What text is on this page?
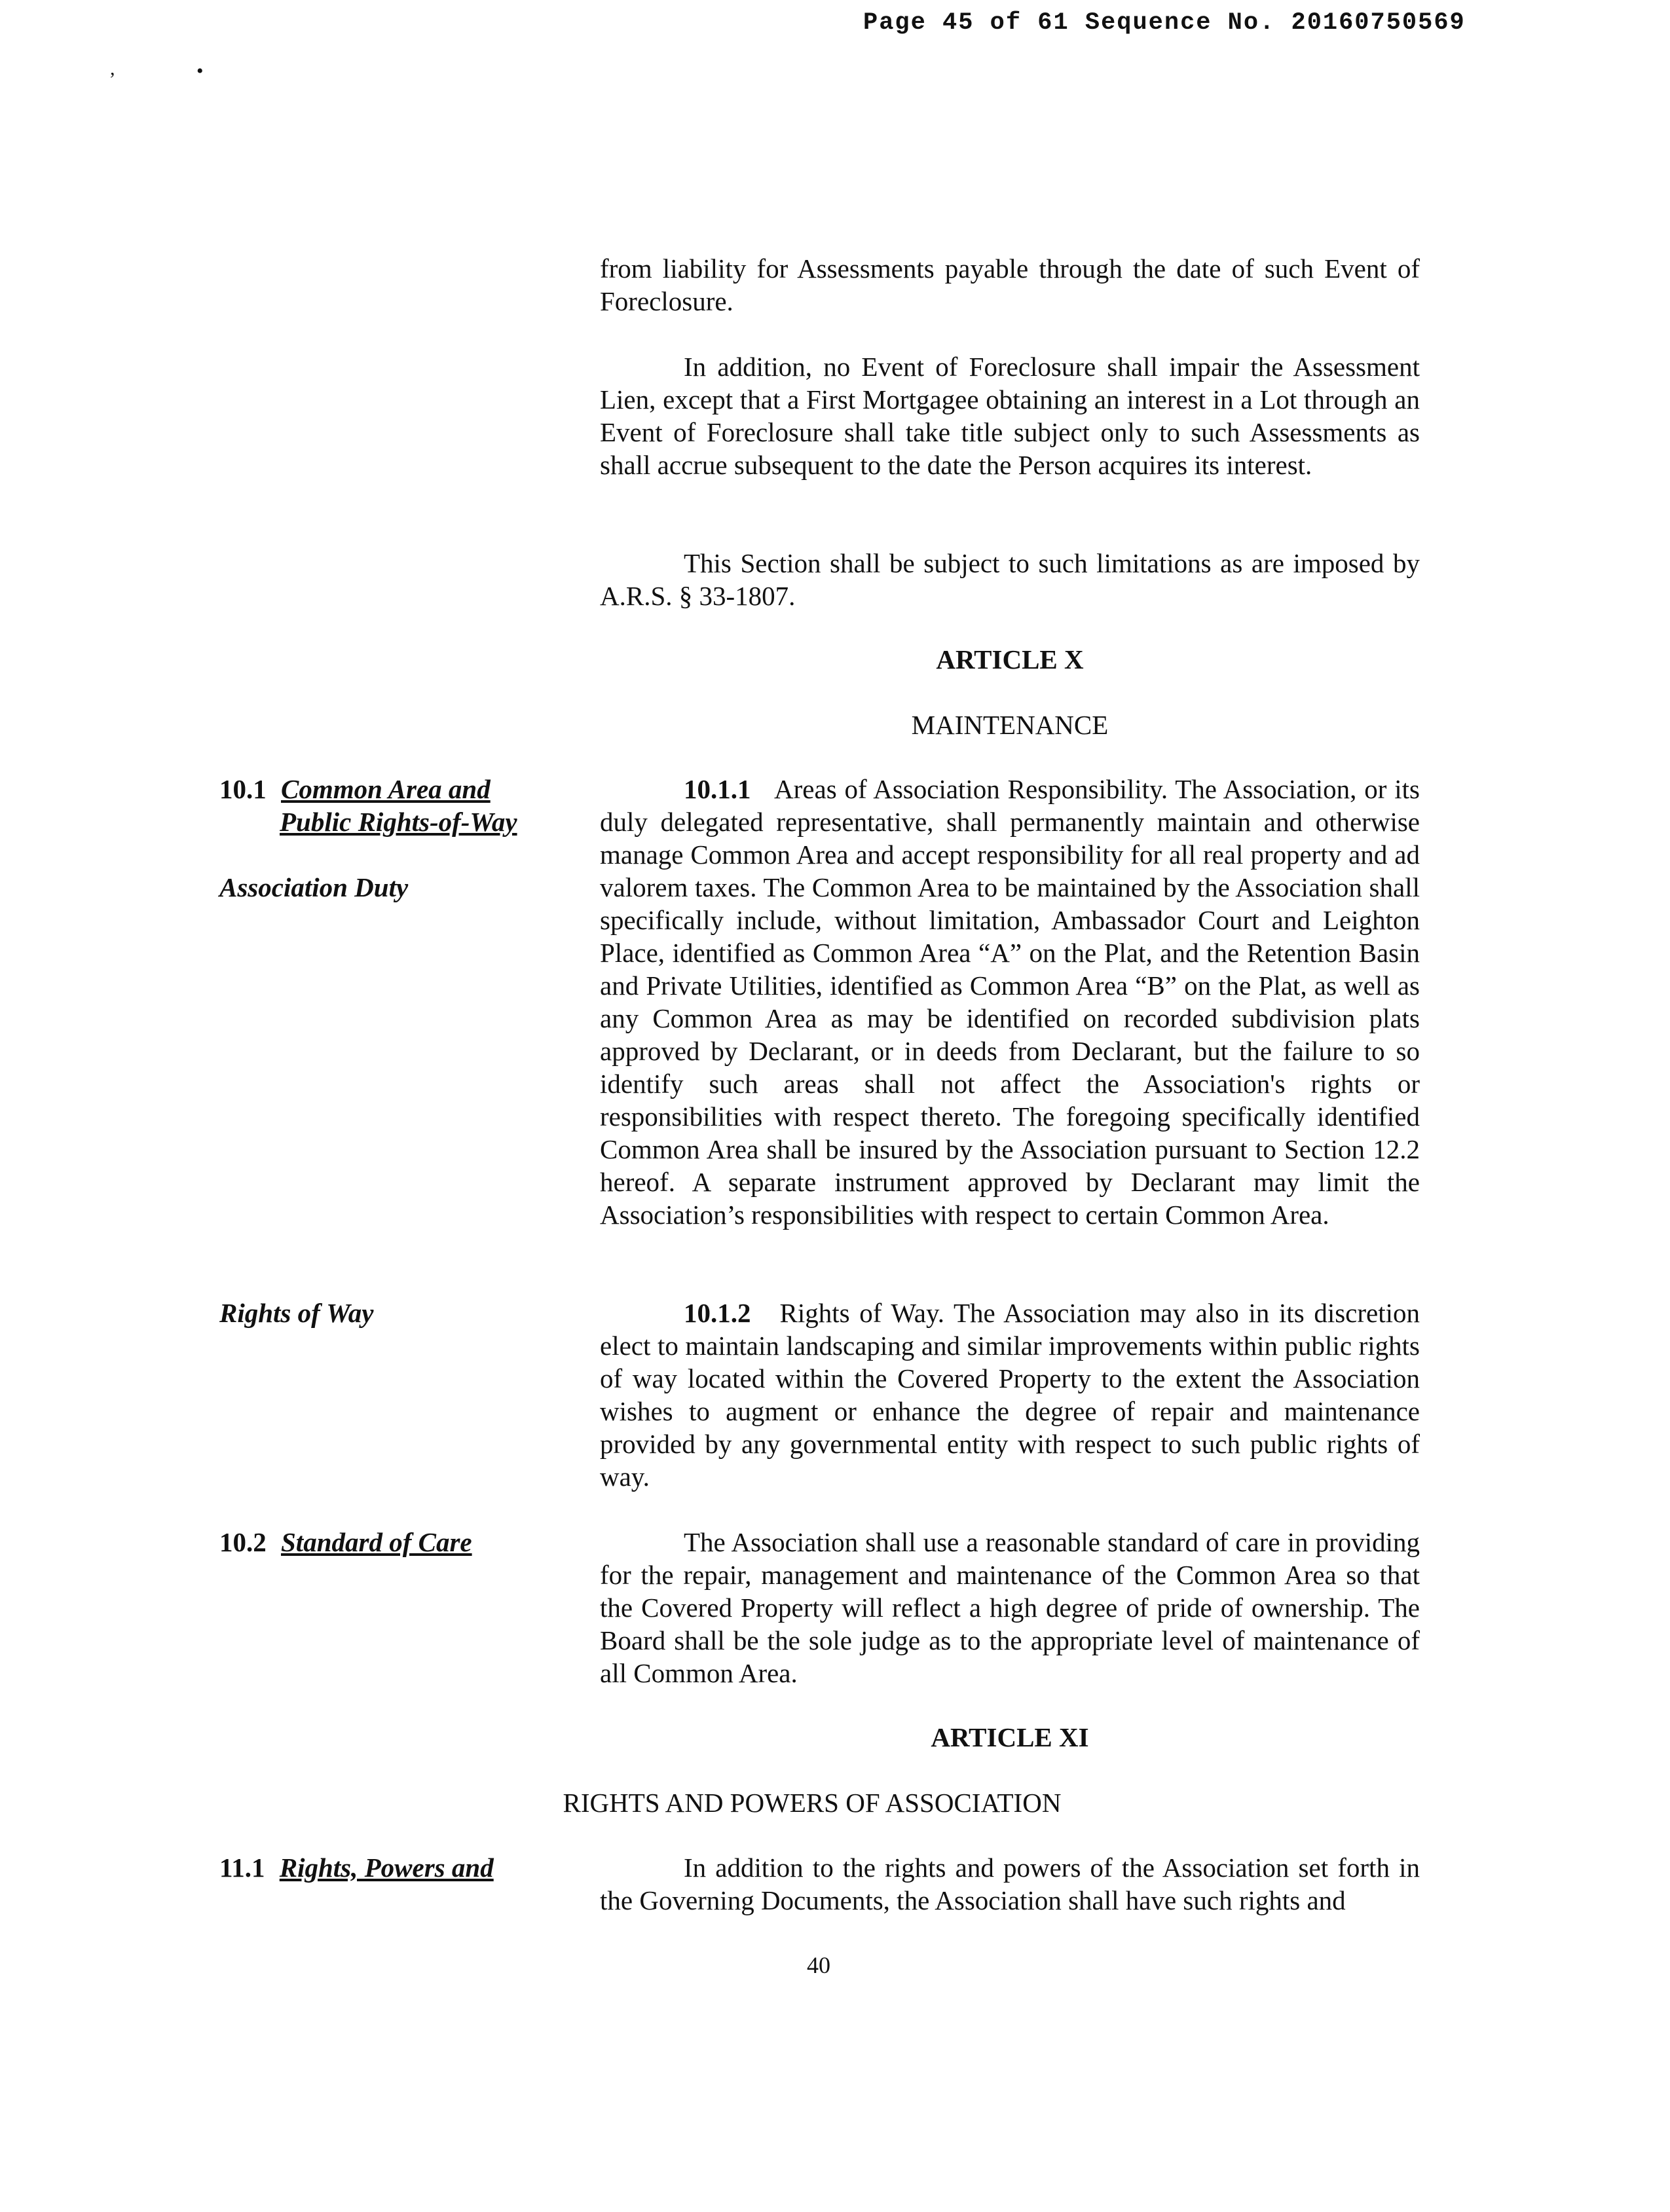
Page 45 of 61 Sequence No. 20160750569
,	•

from liability for Assessments payable through the date of such Event of Foreclosure.

In addition, no Event of Foreclosure shall impair the Assessment Lien, except that a First Mortgagee obtaining an interest in a Lot through an Event of Foreclosure shall take title subject only to such Assessments as shall accrue subsequent to the date the Person acquires its interest.

This Section shall be subject to such limitations as are imposed by A.R.S. § 33-1807.

ARTICLE X
MAINTENANCE
10.1 Common Area and
Public Rights-of-Way
Association Duty

10.1.1 Areas of Association Responsibility. The Association, or its duly delegated representative, shall permanently maintain and otherwise manage Common Area and accept responsibility for all real property and ad valorem taxes. The Common Area to be maintained by the Association shall specifically include, without limitation, Ambassador Court and Leighton Place, identified as Common Area “A” on the Plat, and the Retention Basin and Private Utilities, identified as Common Area “B” on the Plat, as well as any Common Area as may be identified on recorded subdivision plats approved by Declarant, or in deeds from Declarant, but the failure to so identify such areas shall not affect the Association's rights or responsibilities with respect thereto. The foregoing specifically identified Common Area shall be insured by the Association pursuant to Section 12.2 hereof. A separate instrument approved by Declarant may limit the Association’s responsibilities with respect to certain Common Area.

Rights of Way	10.1.2 Rights of Way. The Association may also in its discretion elect to maintain landscaping and similar improvements within public rights of way located within the Covered Property to the extent the Association wishes to augment or enhance the degree of repair and maintenance provided by any governmental entity with respect to such public rights of way.

10.2 Standard of Care	The Association shall use a reasonable standard of care in providing for the repair, management and maintenance of the Common Area so that the Covered Property will reflect a high degree of pride of ownership. The Board shall be the sole judge as to the appropriate level of maintenance of all Common Area.

ARTICLE XI
RIGHTS AND POWERS OF ASSOCIATION
11.1 Rights, Powers and	In addition to the rights and powers of the Association set forth in the Governing Documents, the Association shall have such rights and

40
